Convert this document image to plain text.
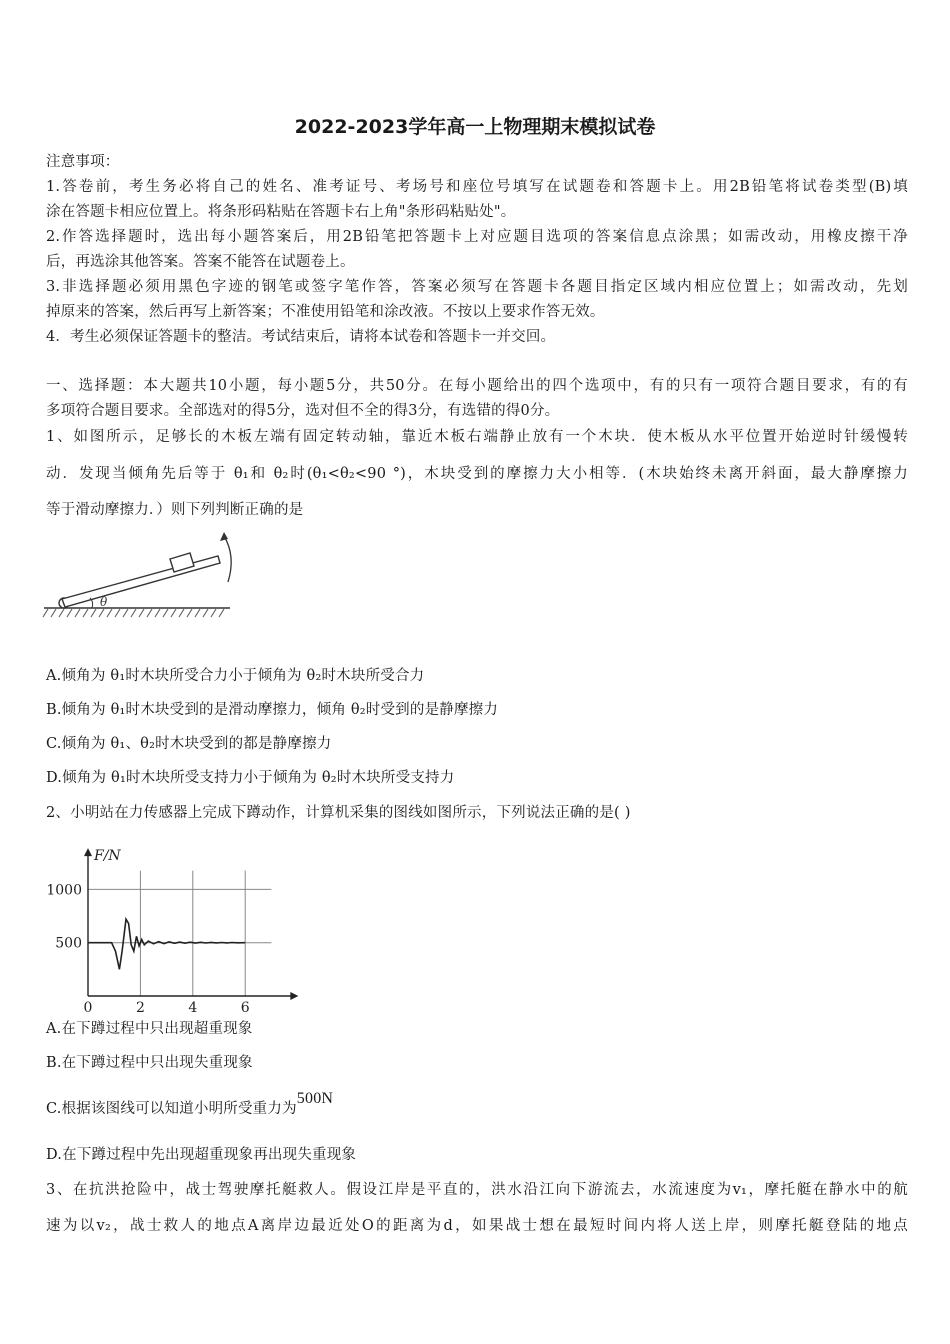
2022-2023学年高一上物理期末模拟试卷
注意事项：
1.答卷前，考生务必将自己的姓名、准考证号、考场号和座位号填写在试题卷和答题卡上。用2B铅笔将试卷类型(B)填
涂在答题卡相应位置上。将条形码粘贴在答题卡右上角"条形码粘贴处"。
2.作答选择题时，选出每小题答案后，用2B铅笔把答题卡上对应题目选项的答案信息点涂黑；如需改动，用橡皮擦干净
后，再选涂其他答案。答案不能答在试题卷上。
3.非选择题必须用黑色字迹的钢笔或签字笔作答，答案必须写在答题卡各题目指定区域内相应位置上；如需改动，先划
掉原来的答案，然后再写上新答案；不准使用铅笔和涂改液。不按以上要求作答无效。
4．考生必须保证答题卡的整洁。考试结束后，请将本试卷和答题卡一并交回。
一、选择题：本大题共10小题，每小题5分，共50分。在每小题给出的四个选项中，有的只有一项符合题目要求，有的有
多项符合题目要求。全部选对的得5分，选对但不全的得3分，有选错的得0分。
1、如图所示，足够长的木板左端有固定转动轴，靠近木板右端静止放有一个木块．使木板从水平位置开始逆时针缓慢转
动．发现当倾角先后等于 θ₁和 θ₂时(θ₁<θ₂<90 °)，木块受到的摩擦力大小相等．(木块始终未离开斜面，最大静摩擦力
等于滑动摩擦力．）则下列判断正确的是
θ
A.倾角为 θ₁时木块所受合力小于倾角为 θ₂时木块所受合力
B.倾角为 θ₁时木块受到的是滑动摩擦力，倾角 θ₂时受到的是静摩擦力
C.倾角为 θ₁、θ₂时木块受到的都是静摩擦力
D.倾角为 θ₁时木块所受支持力小于倾角为 θ₂时木块所受支持力
2、小明站在力传感器上完成下蹲动作，计算机采集的图线如图所示，下列说法正确的是( )
F/N
0	2	4	6
500
1000
A.在下蹲过程中只出现超重现象
B.在下蹲过程中只出现失重现象
C.根据该图线可以知道小明所受重力为500N
D.在下蹲过程中先出现超重现象再出现失重现象
3、在抗洪抢险中，战士驾驶摩托艇救人。假设江岸是平直的，洪水沿江向下游流去，水流速度为v₁，摩托艇在静水中的航
速为以v₂，战士救人的地点A离岸边最近处O的距离为d，如果战士想在最短时间内将人送上岸，则摩托艇登陆的地点
